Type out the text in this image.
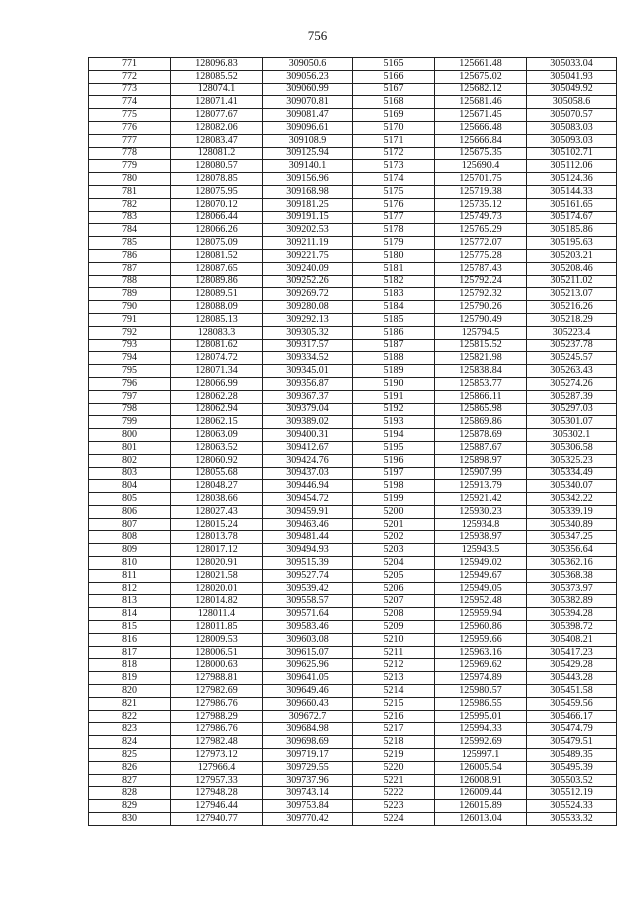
756
771	128096.83	309050.6	5165	125661.48	305033.04
772	128085.52	309056.23	5166	125675.02	305041.93
773	128074.1	309060.99	5167	125682.12	305049.92
774	128071.41	309070.81	5168	125681.46	305058.6
775	128077.67	309081.47	5169	125671.45	305070.57
776	128082.06	309096.61	5170	125666.48	305083.03
777	128083.47	309108.9	5171	125666.84	305093.03
778	128081.2	309125.94	5172	125675.35	305102.71
779	128080.57	309140.1	5173	125690.4	305112.06
780	128078.85	309156.96	5174	125701.75	305124.36
781	128075.95	309168.98	5175	125719.38	305144.33
782	128070.12	309181.25	5176	125735.12	305161.65
783	128066.44	309191.15	5177	125749.73	305174.67
784	128066.26	309202.53	5178	125765.29	305185.86
785	128075.09	309211.19	5179	125772.07	305195.63
786	128081.52	309221.75	5180	125775.28	305203.21
787	128087.65	309240.09	5181	125787.43	305208.46
788	128089.86	309252.26	5182	125792.24	305211.02
789	128089.51	309269.72	5183	125792.32	305213.07
790	128088.09	309280.08	5184	125790.26	305216.26
791	128085.13	309292.13	5185	125790.49	305218.29
792	128083.3	309305.32	5186	125794.5	305223.4
793	128081.62	309317.57	5187	125815.52	305237.78
794	128074.72	309334.52	5188	125821.98	305245.57
795	128071.34	309345.01	5189	125838.84	305263.43
796	128066.99	309356.87	5190	125853.77	305274.26
797	128062.28	309367.37	5191	125866.11	305287.39
798	128062.94	309379.04	5192	125865.98	305297.03
799	128062.15	309389.02	5193	125869.86	305301.07
800	128063.09	309400.31	5194	125878.69	305302.1
801	128063.52	309412.67	5195	125887.67	305306.58
802	128060.92	309424.76	5196	125898.97	305325.23
803	128055.68	309437.03	5197	125907.99	305334.49
804	128048.27	309446.94	5198	125913.79	305340.07
805	128038.66	309454.72	5199	125921.42	305342.22
806	128027.43	309459.91	5200	125930.23	305339.19
807	128015.24	309463.46	5201	125934.8	305340.89
808	128013.78	309481.44	5202	125938.97	305347.25
809	128017.12	309494.93	5203	125943.5	305356.64
810	128020.91	309515.39	5204	125949.02	305362.16
811	128021.58	309527.74	5205	125949.67	305368.38
812	128020.01	309539.42	5206	125949.05	305373.97
813	128014.82	309558.57	5207	125952.48	305382.89
814	128011.4	309571.64	5208	125959.94	305394.28
815	128011.85	309583.46	5209	125960.86	305398.72
816	128009.53	309603.08	5210	125959.66	305408.21
817	128006.51	309615.07	5211	125963.16	305417.23
818	128000.63	309625.96	5212	125969.62	305429.28
819	127988.81	309641.05	5213	125974.89	305443.28
820	127982.69	309649.46	5214	125980.57	305451.58
821	127986.76	309660.43	5215	125986.55	305459.56
822	127988.29	309672.7	5216	125995.01	305466.17
823	127986.76	309684.98	5217	125994.33	305474.79
824	127982.48	309698.69	5218	125992.69	305479.51
825	127973.12	309719.17	5219	125997.1	305489.35
826	127966.4	309729.55	5220	126005.54	305495.39
827	127957.33	309737.96	5221	126008.91	305503.52
828	127948.28	309743.14	5222	126009.44	305512.19
829	127946.44	309753.84	5223	126015.89	305524.33
830	127940.77	309770.42	5224	126013.04	305533.32
